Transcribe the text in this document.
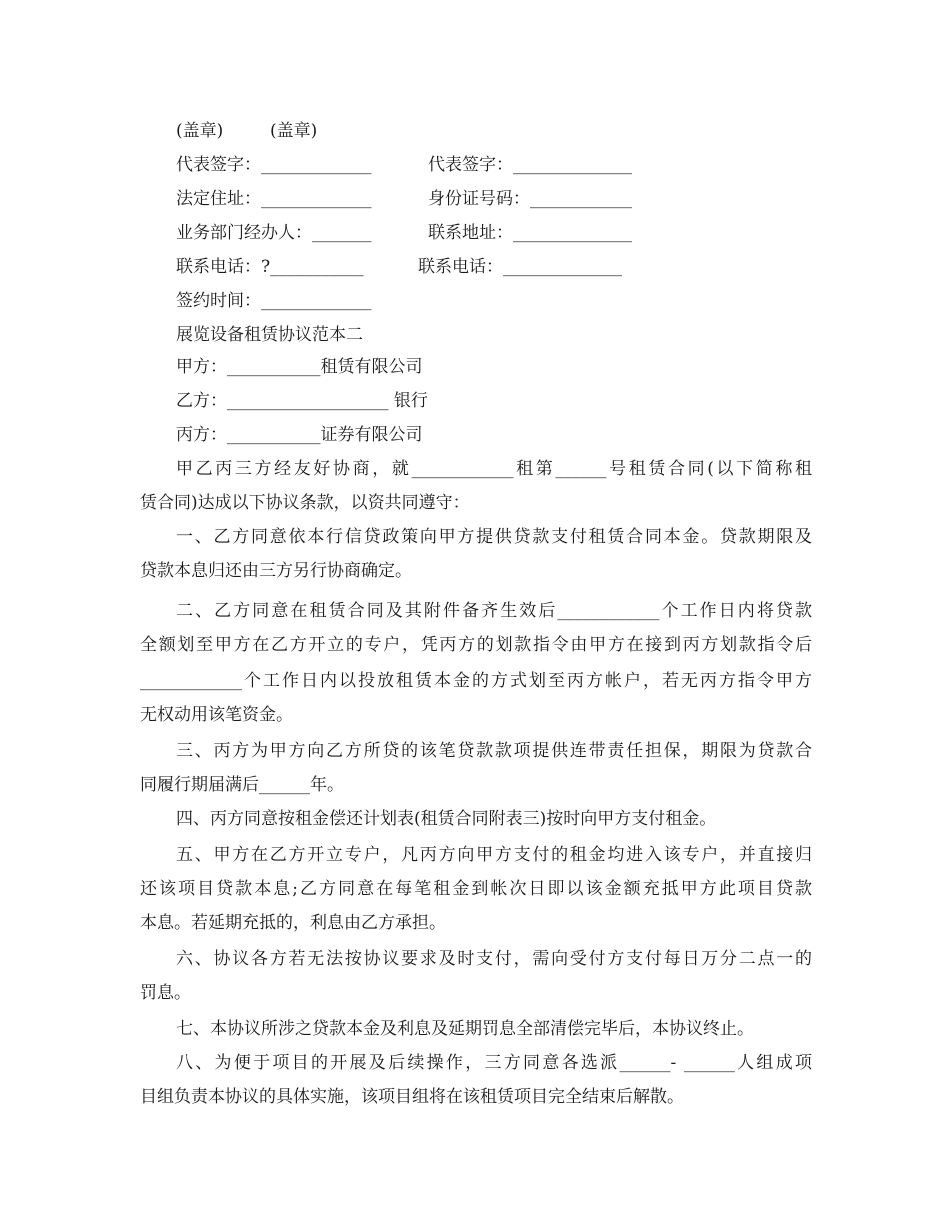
(盖章)	(盖章)
代表签字：_____________	代表签字：______________
法定住址：_____________	身份证号码：____________
业务部门经办人：_______	联系地址：______________
联系电话：?___________	联系电话：______________
签约时间：_____________
展览设备租赁协议范本二
甲方：___________租赁有限公司
乙方：___________________ 银行
丙方：___________证券有限公司
甲乙丙三方经友好协商，就____________租第______号租赁合同(以下简称租
赁合同)达成以下协议条款，以资共同遵守：
一、乙方同意依本行信贷政策向甲方提供贷款支付租赁合同本金。贷款期限及
贷款本息归还由三方另行协商确定。
二、乙方同意在租赁合同及其附件备齐生效后____________个工作日内将贷款
全额划至甲方在乙方开立的专户，凭丙方的划款指令由甲方在接到丙方划款指令后
____________个工作日内以投放租赁本金的方式划至丙方帐户，若无丙方指令甲方
无权动用该笔资金。
三、丙方为甲方向乙方所贷的该笔贷款款项提供连带责任担保，期限为贷款合
同履行期届满后______年。
四、丙方同意按租金偿还计划表(租赁合同附表三)按时向甲方支付租金。
五、甲方在乙方开立专户，凡丙方向甲方支付的租金均进入该专户，并直接归
还该项目贷款本息;乙方同意在每笔租金到帐次日即以该金额充抵甲方此项目贷款
本息。若延期充抵的，利息由乙方承担。
六、协议各方若无法按协议要求及时支付，需向受付方支付每日万分二点一的
罚息。
七、本协议所涉之贷款本金及利息及延期罚息全部清偿完毕后，本协议终止。
八、为便于项目的开展及后续操作，三方同意各选派______- ______人组成项
目组负责本协议的具体实施，该项目组将在该租赁项目完全结束后解散。
